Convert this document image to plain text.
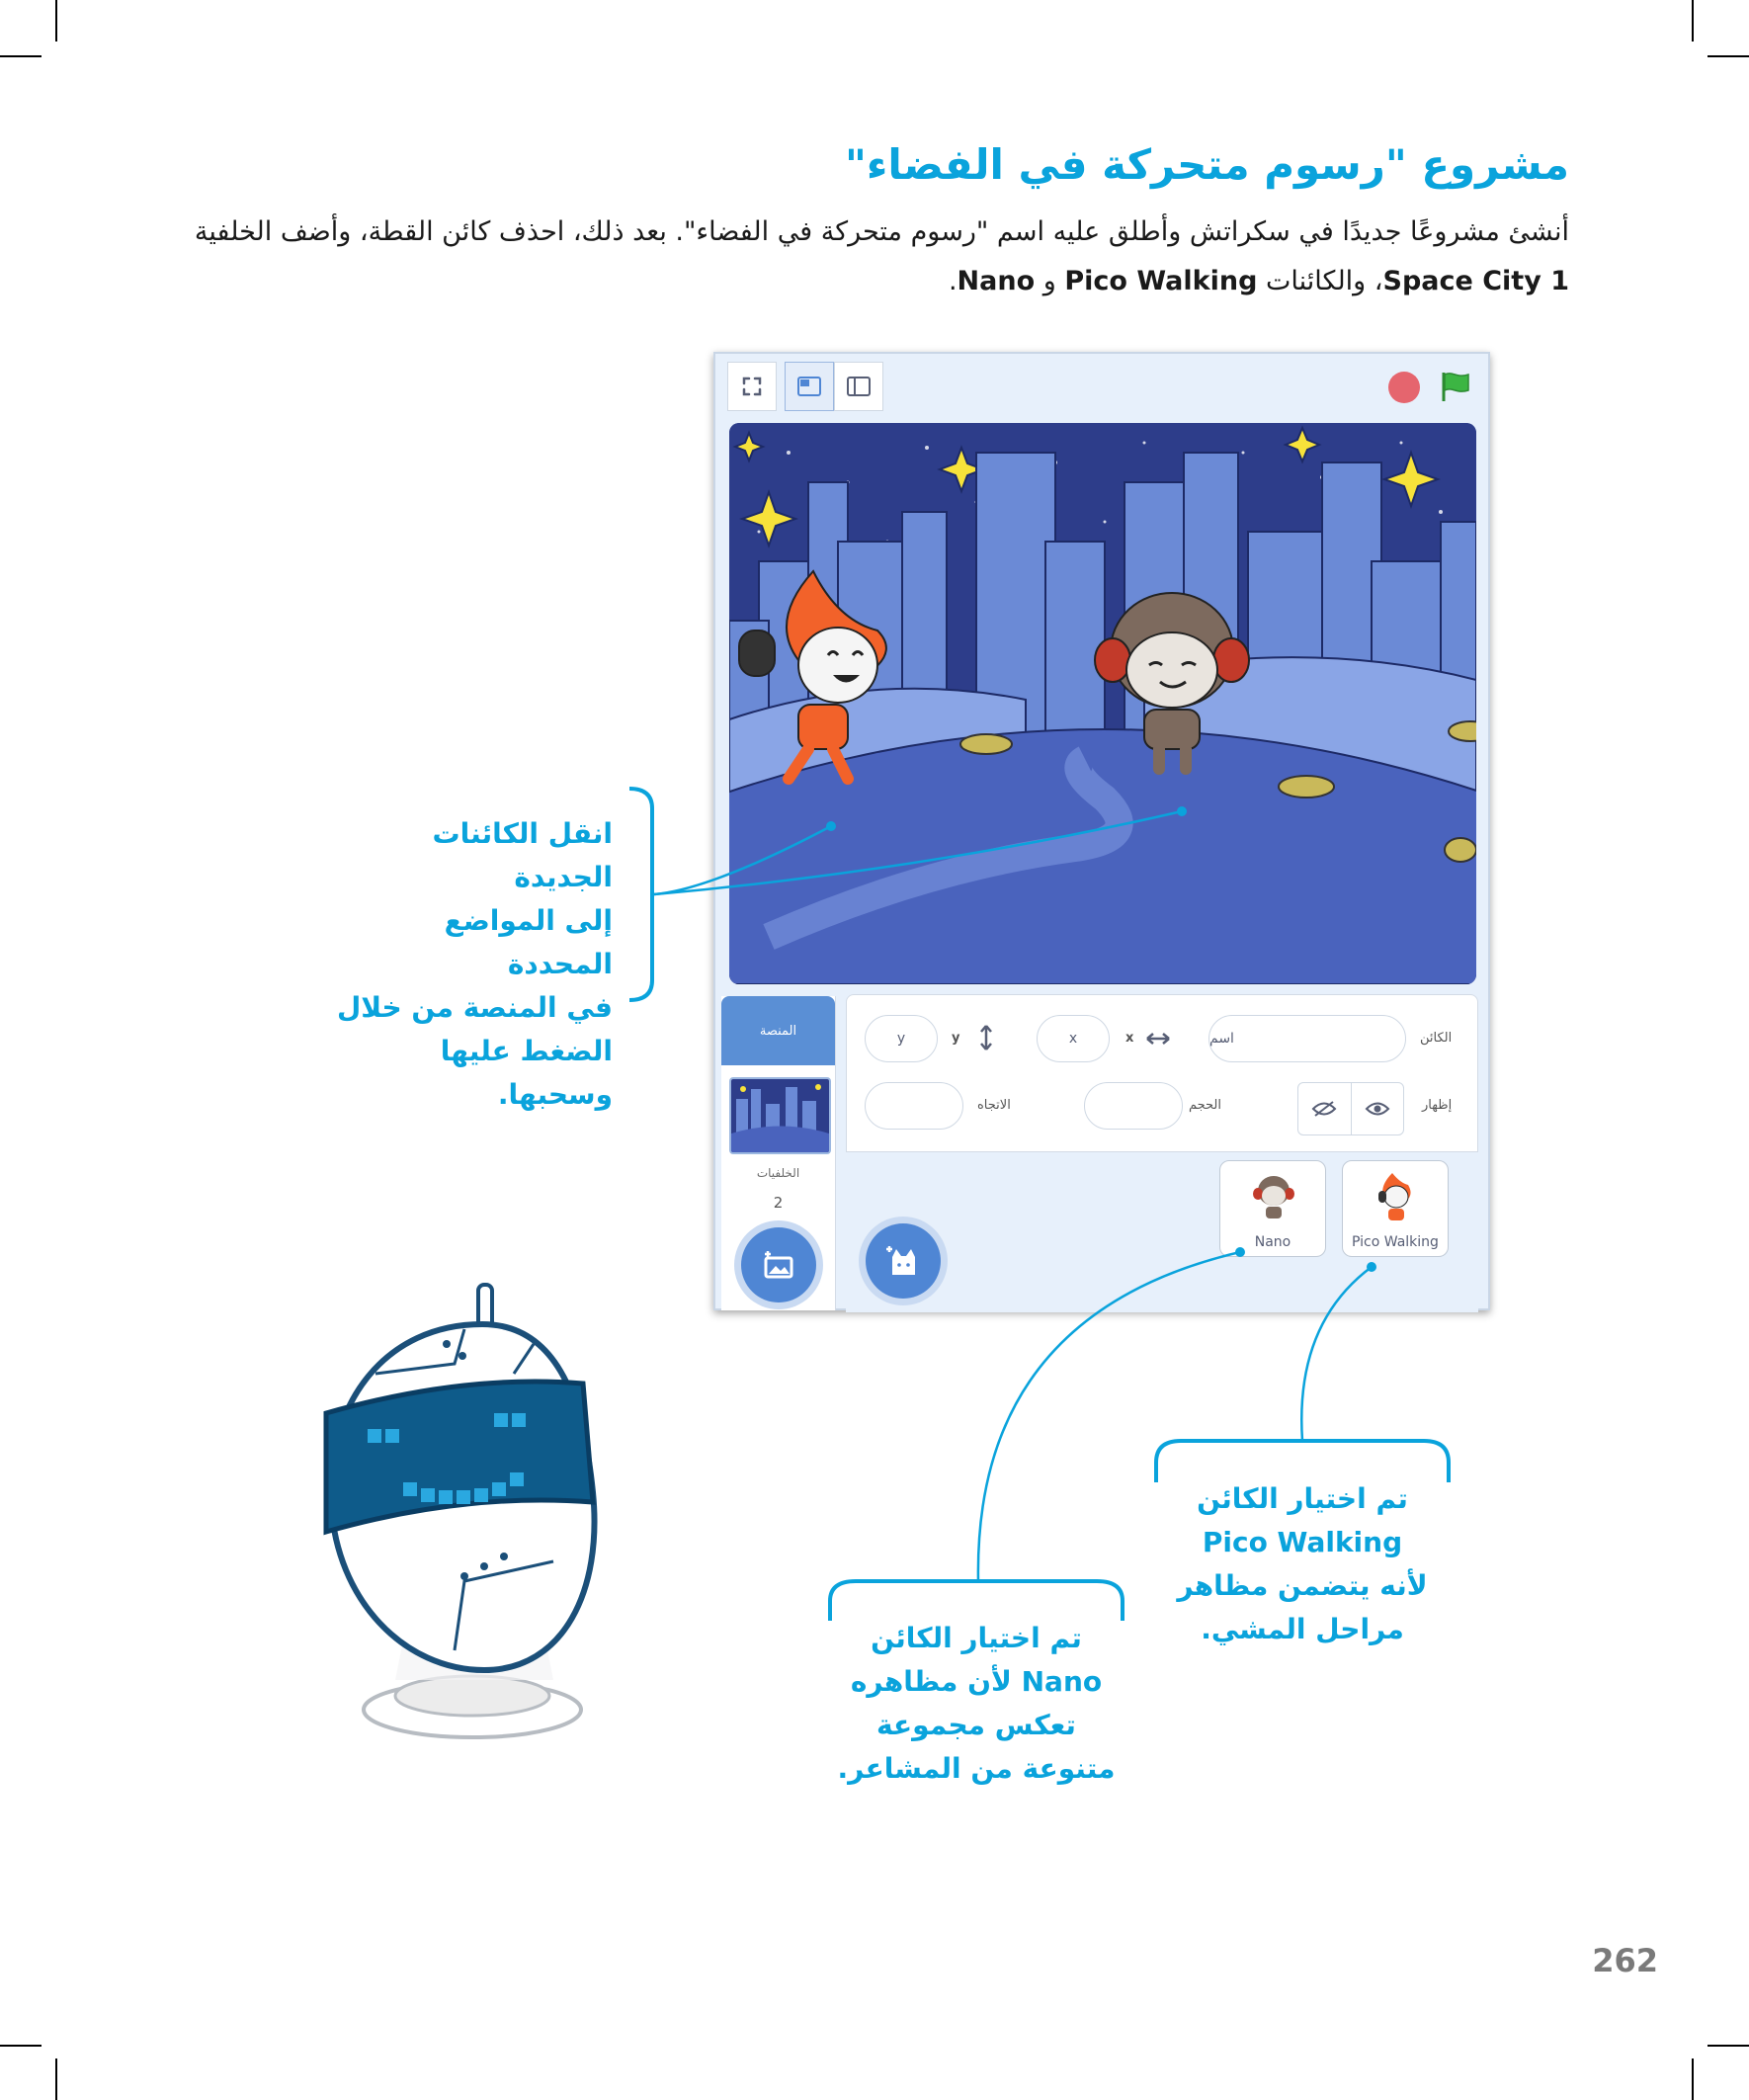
مشروع "رسوم متحركة في الفضاء"

أنشئ مشروعًا جديدًا في سكراتش وأطلق عليه اسم "رسوم متحركة في الفضاء". بعد ذلك، احذف كائن القطة، وأضف الخلفية Space City 1، والكائنات Pico Walking و Nano.

المنصة
الخلفيات
2
الكائن
اسم
x
x
y
y
إظهار
الحجم
الاتجاه
Pico Walking
Nano
انقل الكائنات الجديدة
إلى المواضع المحددة
في المنصة من خلال
الضغط عليها وسحبها.
تم اختيار الكائن
Pico Walking
لأنه يتضمن مظاهر
مراحل المشي.
تم اختيار الكائن
Nano لأن مظاهره
تعكس مجموعة
متنوعة من المشاعر.
262
